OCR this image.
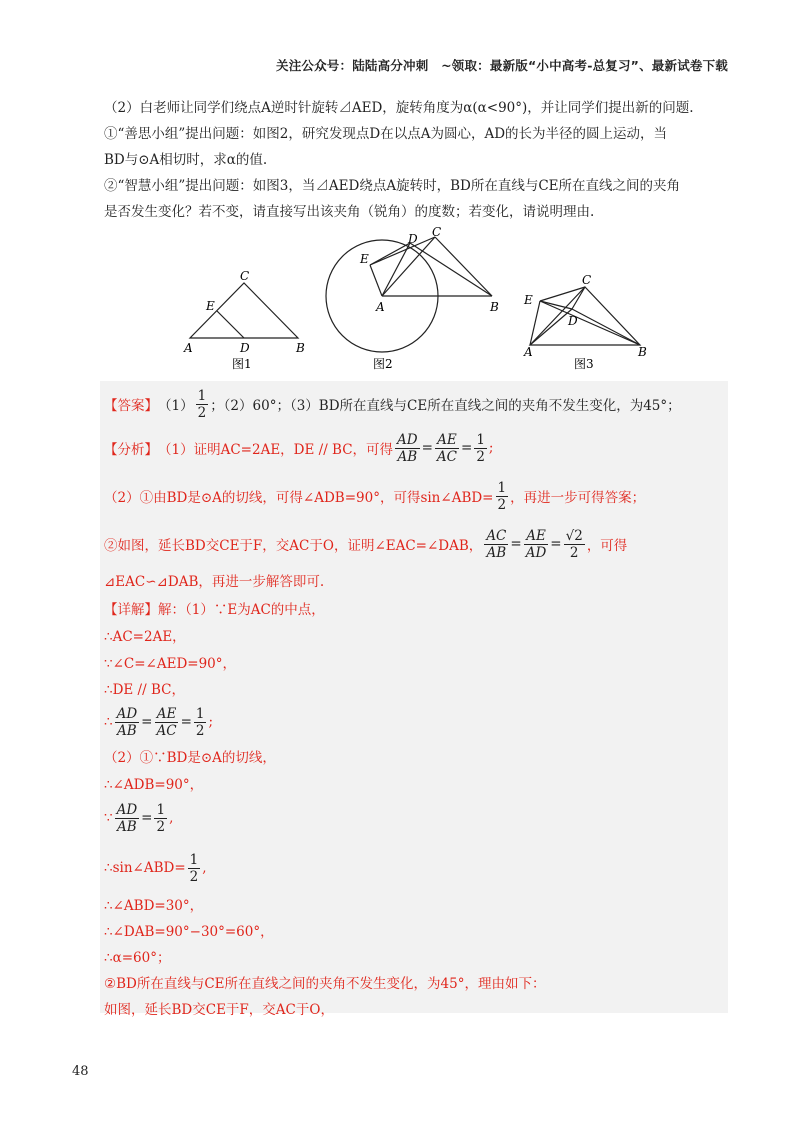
关注公众号：陆陆高分冲刺　~领取：最新版“小中高考-总复习”、最新试卷下载

（2）白老师让同学们绕点A逆时针旋转⊿AED，旋转角度为α(α<90°)，并让同学们提出新的问题.

①“善思小组”提出问题：如图2，研究发现点D在以点A为圆心，AD的长为半径的圆上运动，当

BD与⊙A相切时，求α的值.

②“智慧小组”提出问题：如图3，当⊿AED绕点A旋转时，BD所在直线与CE所在直线之间的夹角

是否发生变化？若不变，请直接写出该夹角（锐角）的度数；若变化，请说明理由.

A	B
C
D
E
图1
A	B
C
D
E
图2
A	B
C
D
E
图3
【答案】 $(1) \frac{1}{2}$ ；（2）60°；（3）BD所在直线与CE所在直线之间的夹角不发生变化，为45°；
【分析】 （1）证明AC=2AE，DE // BC，可得 $\frac{AD}{AB} = \frac{AE}{AC} = \frac{1}{2}$ ;
（2）①由BD是⊙A的切线，可得∠ADB=90°，可得sin∠ABD= $\frac{1}{2}$ ，再进一步可得答案；
②如图，延长BD交CE于F，交AC于O，证明∠EAC=∠DAB， $\frac{AC}{AB} = \frac{AE}{AD} = \frac{√2}{2}$ ，可得
⊿EAC∽⊿DAB，再进一步解答即可.
【详解】 解：（1）∵E为AC的中点，
∴AC=2AE，
∵∠C=∠AED=90°，
∴DE // BC，
∴ $\frac{AD}{AB} = \frac{AE}{AC} = \frac{1}{2}$ ;
（2）①∵BD是⊙A的切线，
∴∠ADB=90°，
∵ $\frac{AD}{AB} = \frac{1}{2}$ ,
∴sin∠ABD= $\frac{1}{2}$ ,
∴∠ABD=30°，
∴∠DAB=90°−30°=60°，
∴α=60°；
②BD所在直线与CE所在直线之间的夹角不发生变化，为45°，理由如下：
如图，延长BD交CE于F，交AC于O，
48
